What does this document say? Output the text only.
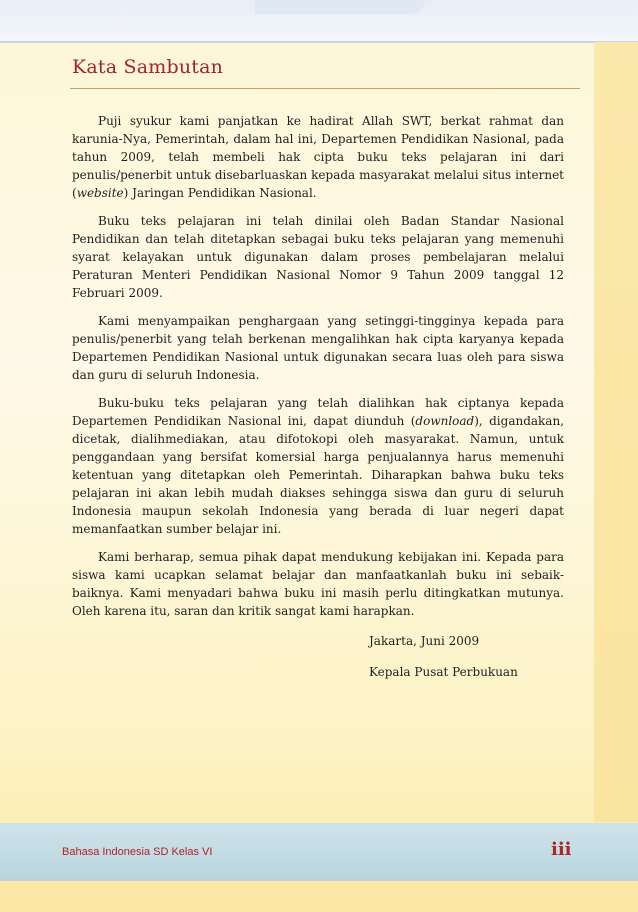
Kata Sambutan

Puji syukur kami panjatkan ke hadirat Allah SWT, berkat rahmat dan karunia-Nya, Pemerintah, dalam hal ini, Departemen Pendidikan Nasional, pada tahun 2009, telah membeli hak cipta buku teks pelajaran ini dari penulis/penerbit untuk disebarluaskan kepada masyarakat melalui situs internet (website) Jaringan Pendidikan Nasional.

Buku teks pelajaran ini telah dinilai oleh Badan Standar Nasional Pendidikan dan telah ditetapkan sebagai buku teks pelajaran yang memenuhi syarat kelayakan untuk digunakan dalam proses pembelajaran melalui Peraturan Menteri Pendidikan Nasional Nomor 9 Tahun 2009 tanggal 12 Februari 2009.

Kami menyampaikan penghargaan yang setinggi-tingginya kepada para penulis/penerbit yang telah berkenan mengalihkan hak cipta karyanya kepada Departemen Pendidikan Nasional untuk digunakan secara luas oleh para siswa dan guru di seluruh Indonesia.

Buku-buku teks pelajaran yang telah dialihkan hak ciptanya kepada Departemen Pendidikan Nasional ini, dapat diunduh (download), digandakan, dicetak, dialihmediakan, atau difotokopi oleh masyarakat. Namun, untuk penggandaan yang bersifat komersial harga penjualannya harus memenuhi ketentuan yang ditetapkan oleh Pemerintah. Diharapkan bahwa buku teks pelajaran ini akan lebih mudah diakses sehingga siswa dan guru di seluruh Indonesia maupun sekolah Indonesia yang berada di luar negeri dapat memanfaatkan sumber belajar ini.

Kami berharap, semua pihak dapat mendukung kebijakan ini. Kepada para siswa kami ucapkan selamat belajar dan manfaatkanlah buku ini sebaik-baiknya. Kami menyadari bahwa buku ini masih perlu ditingkatkan mutunya. Oleh karena itu, saran dan kritik sangat kami harapkan.

Jakarta, Juni 2009
Kepala Pusat Perbukuan
Bahasa Indonesia SD Kelas VI	iii
